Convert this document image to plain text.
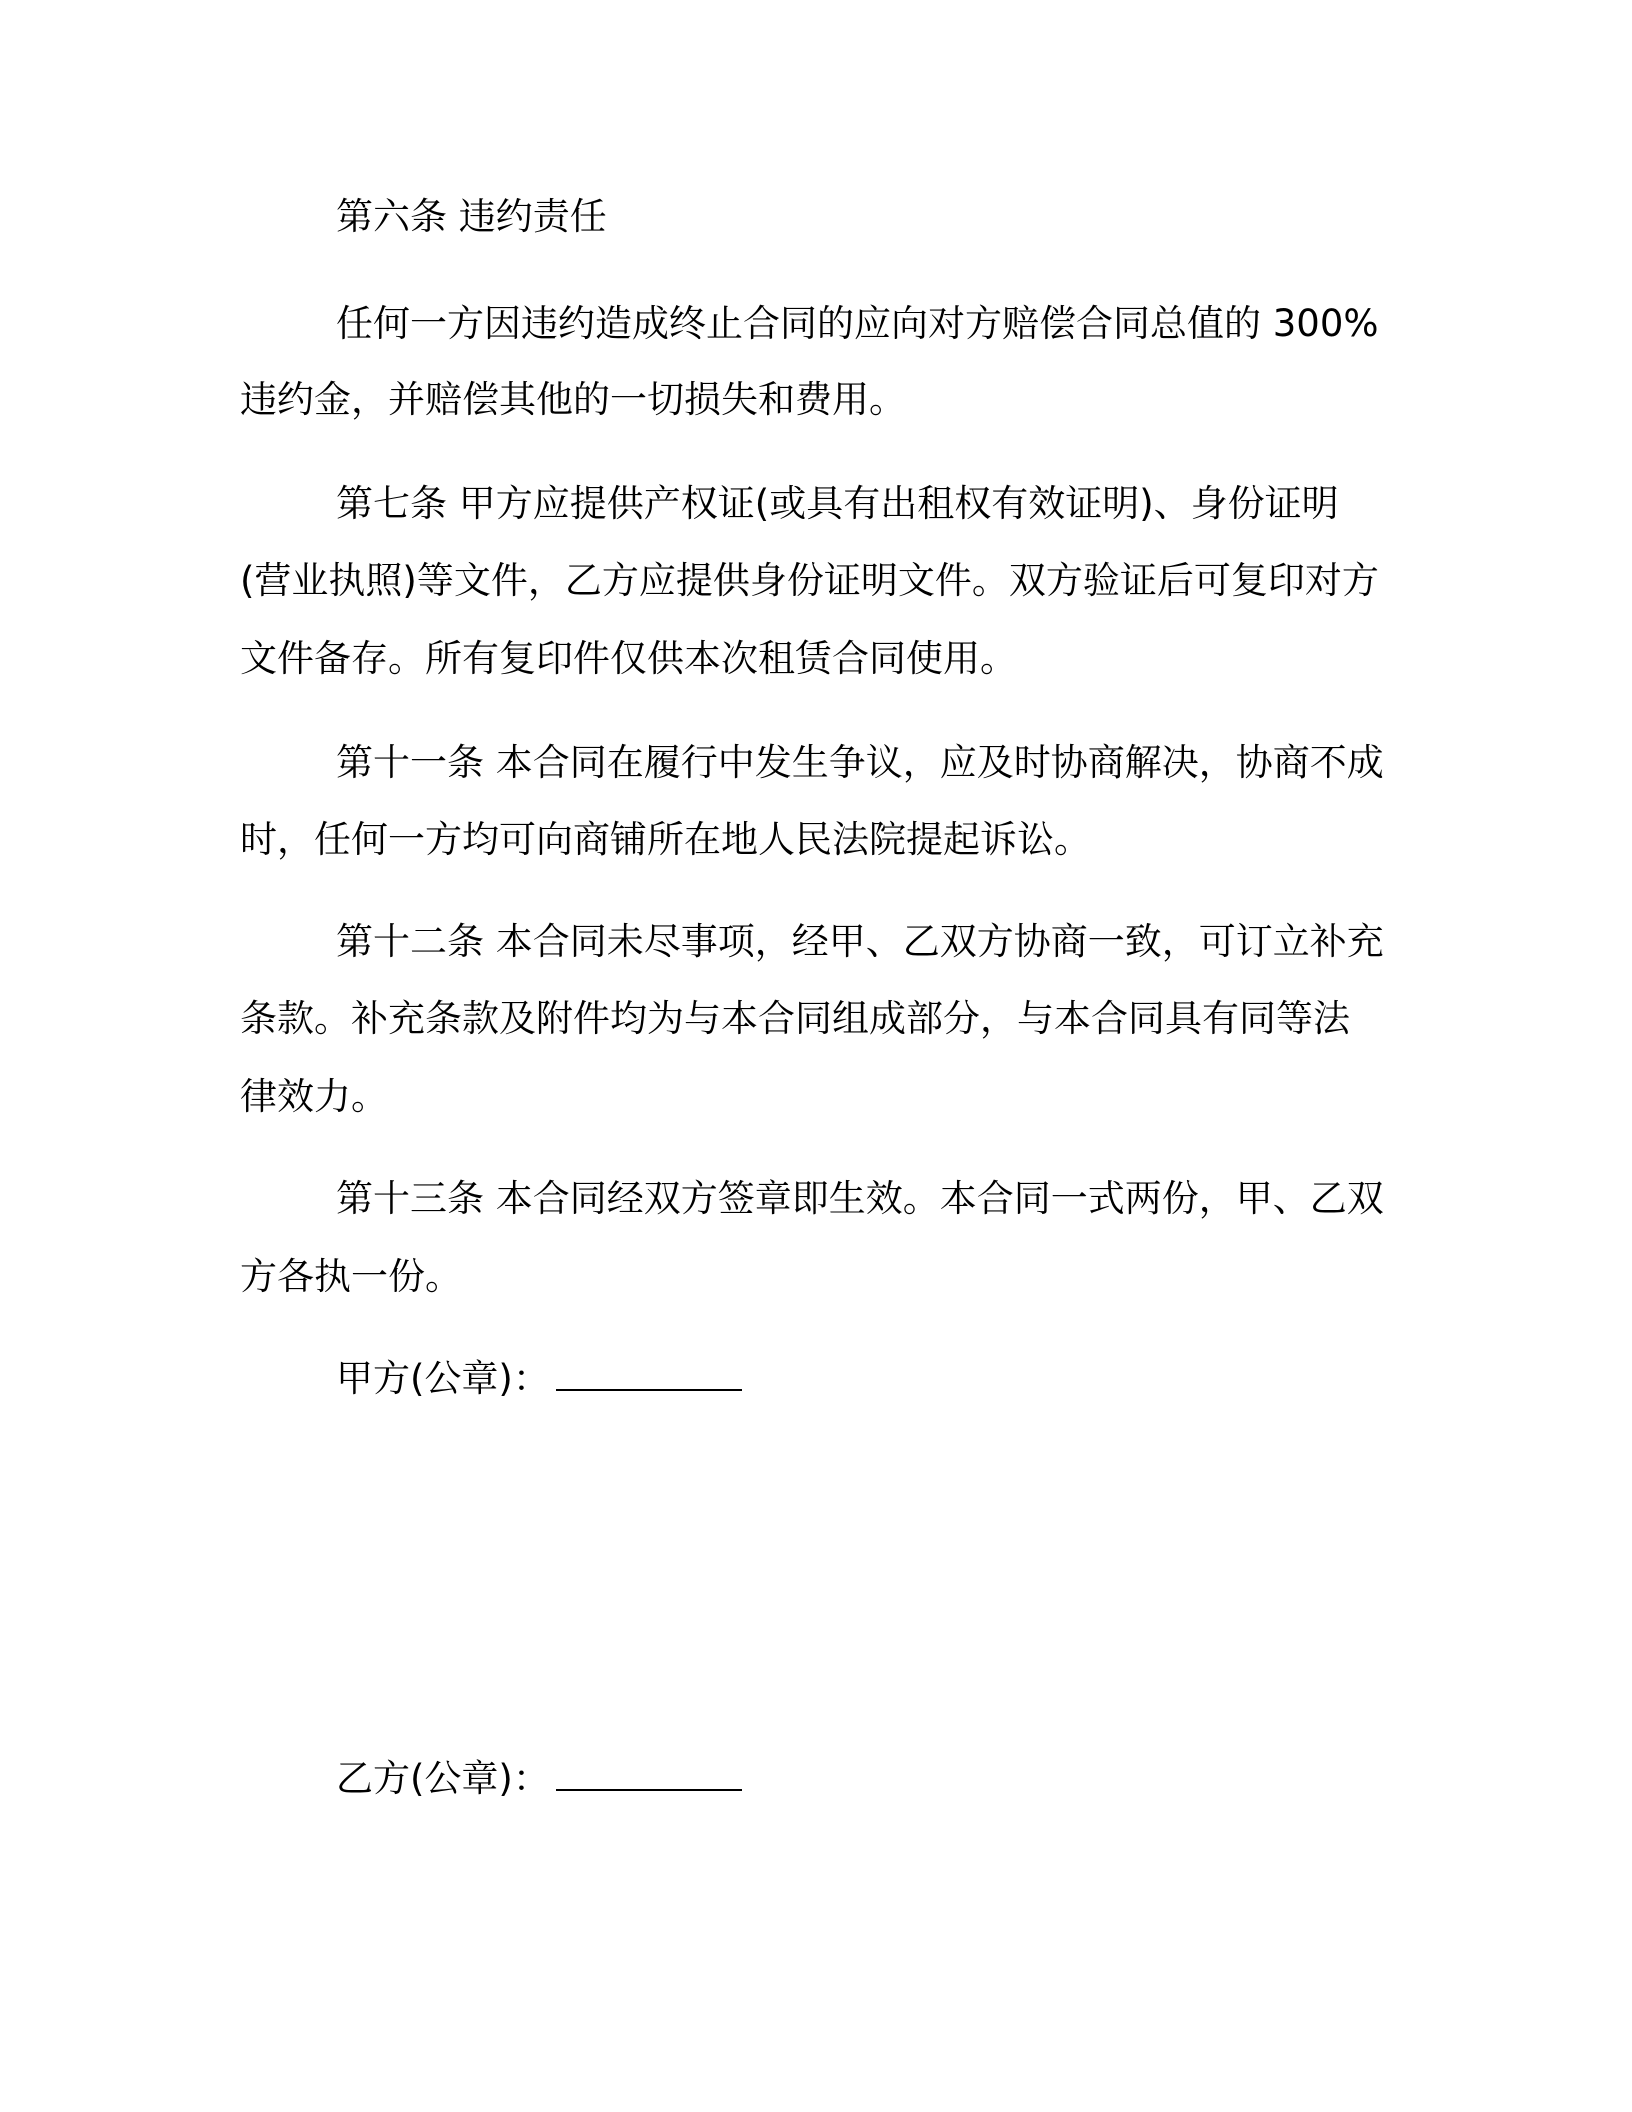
第六条 违约责任
任何一方因违约造成终止合同的应向对方赔偿合同总值的 300%
违约金，并赔偿其他的一切损失和费用。
第七条 甲方应提供产权证(或具有出租权有效证明)、身份证明
(营业执照)等文件，乙方应提供身份证明文件。双方验证后可复印对方
文件备存。所有复印件仅供本次租赁合同使用。
第十一条 本合同在履行中发生争议，应及时协商解决，协商不成
时，任何一方均可向商铺所在地人民法院提起诉讼。
第十二条 本合同未尽事项，经甲、乙双方协商一致，可订立补充
条款。补充条款及附件均为与本合同组成部分，与本合同具有同等法
律效力。
第十三条 本合同经双方签章即生效。本合同一式两份，甲、乙双
方各执一份。
甲方(公章)：
乙方(公章)：
